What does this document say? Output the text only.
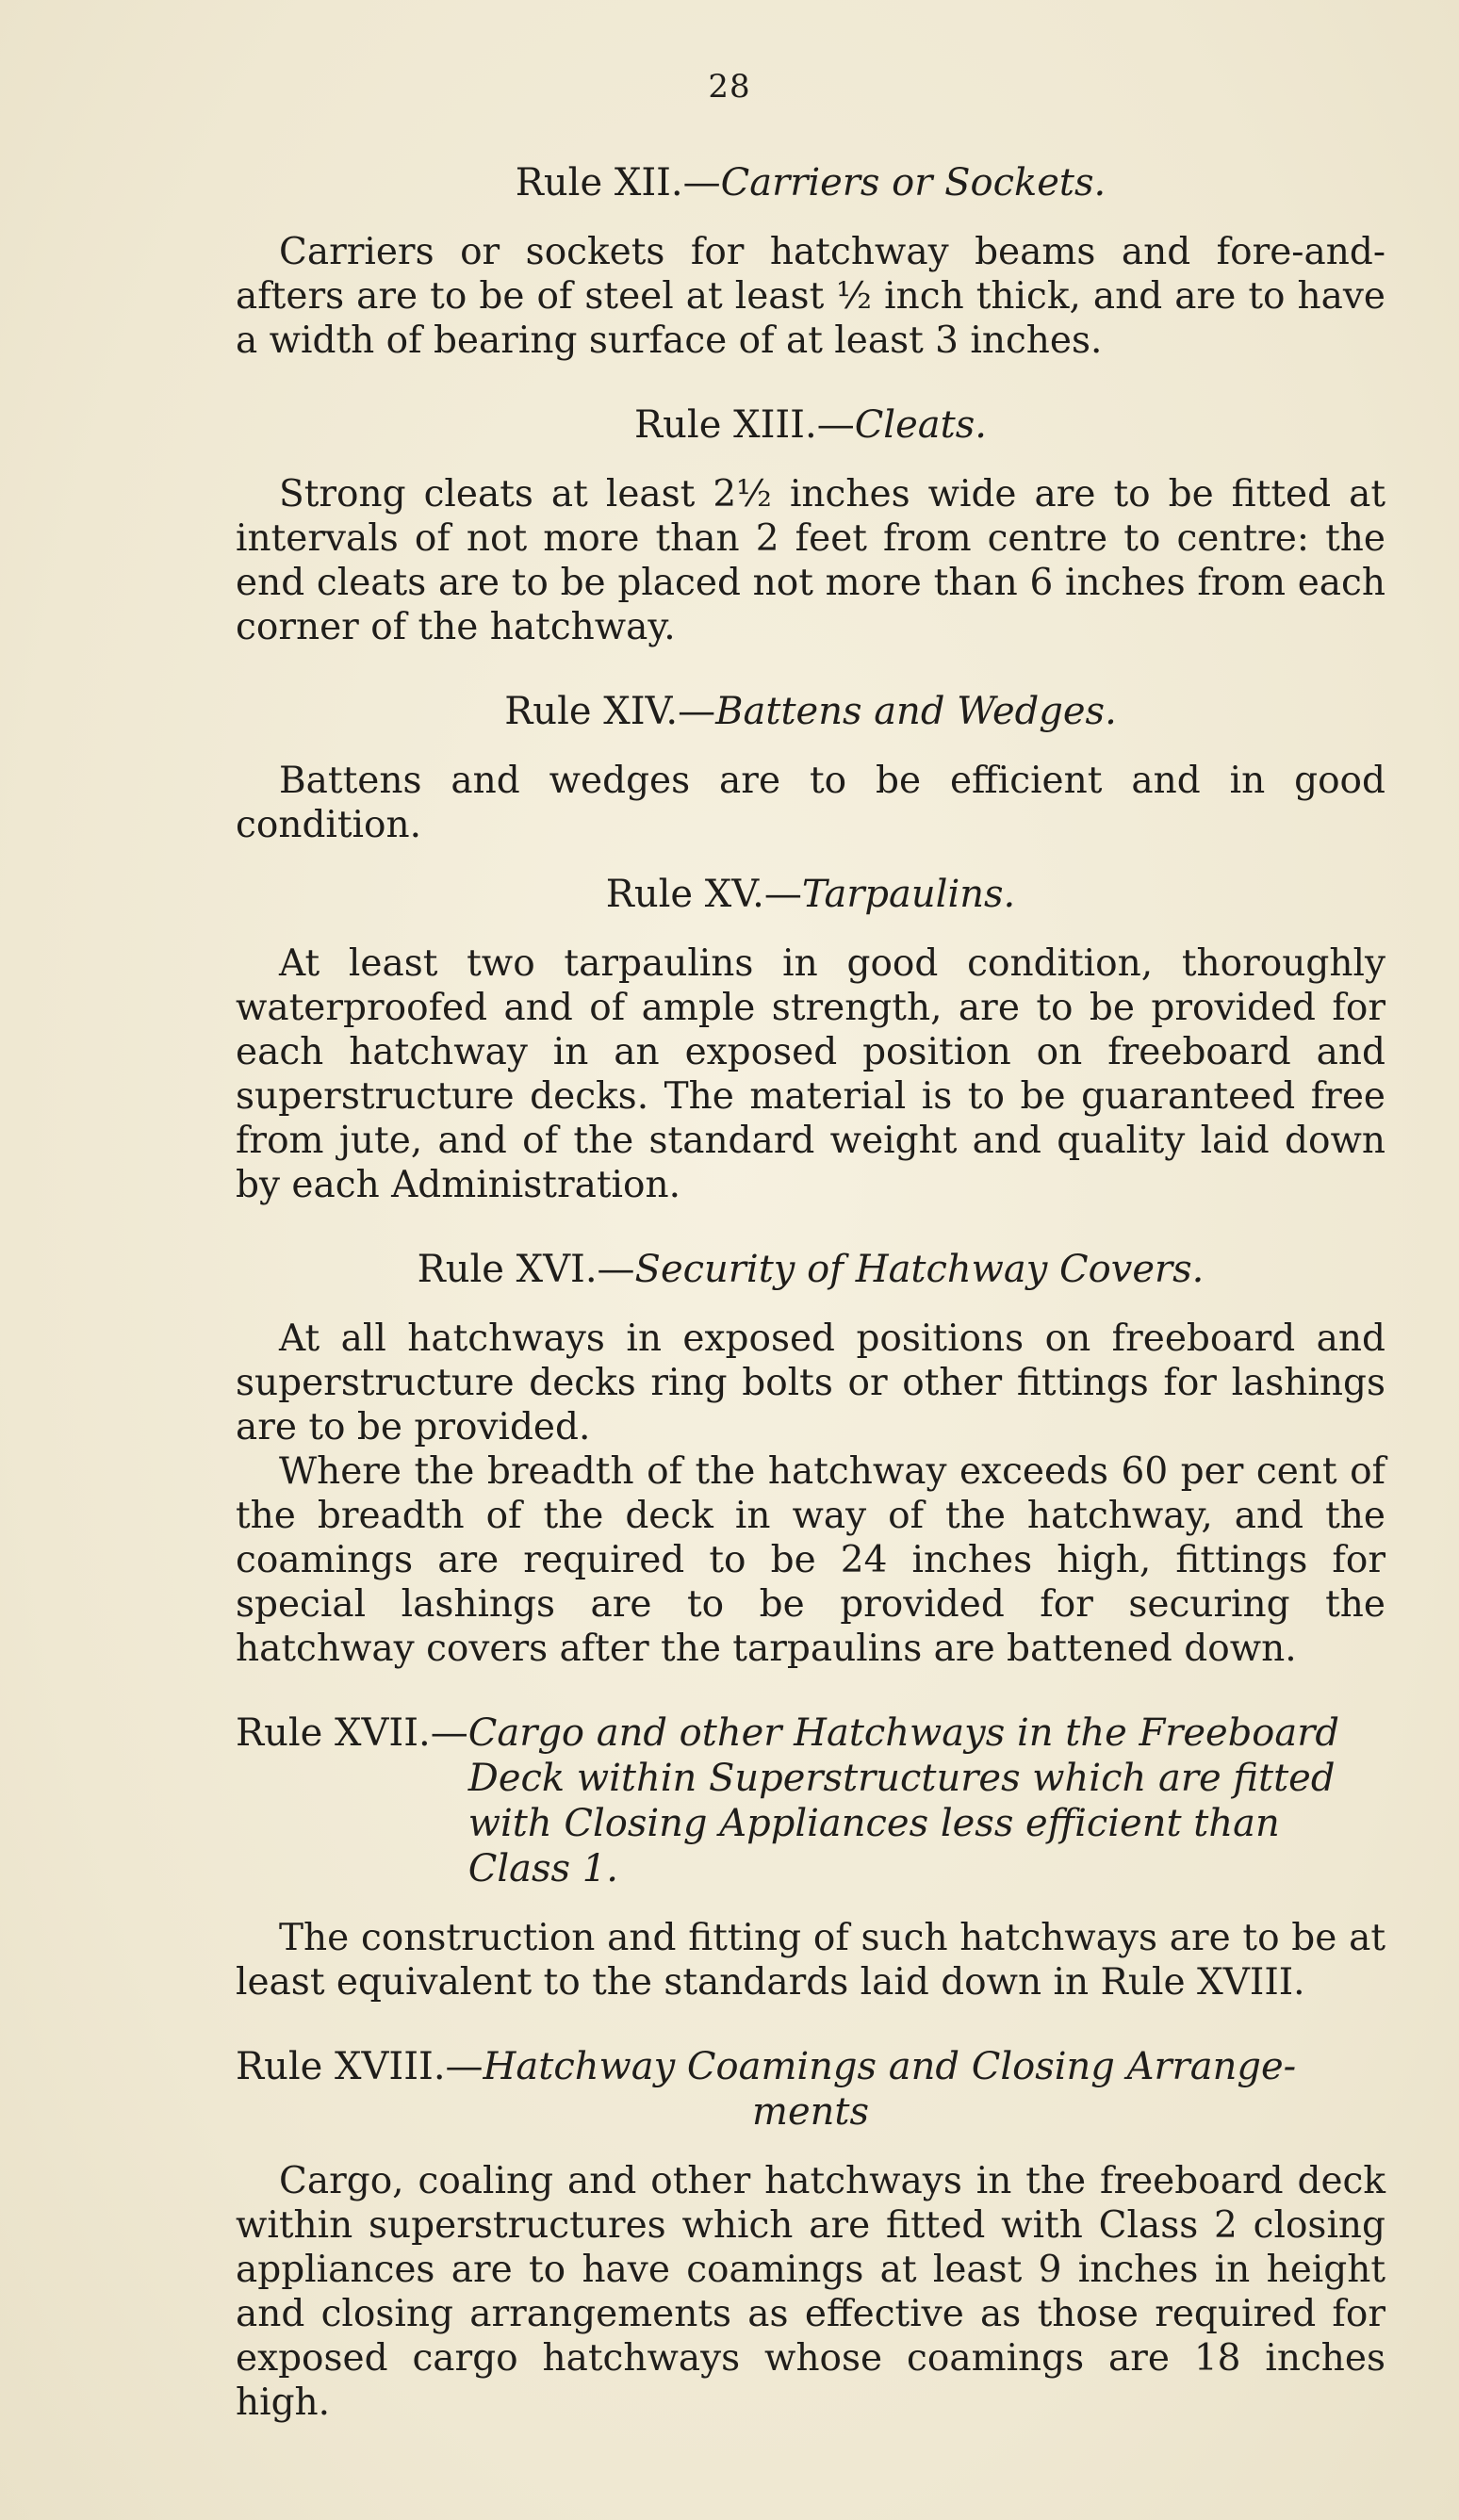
28
Rule XII.—Carriers or Sockets.

Carriers or sockets for hatchway beams and fore-and-afters are to be of steel at least ½ inch thick, and are to have a width of bearing surface of at least 3 inches.

Rule XIII.—Cleats.

Strong cleats at least 2½ inches wide are to be fitted at intervals of not more than 2 feet from centre to centre: the end cleats are to be placed not more than 6 inches from each corner of the hatchway.

Rule XIV.—Battens and Wedges.

Battens and wedges are to be efficient and in good condition.

Rule XV.—Tarpaulins.

At least two tarpaulins in good condition, thoroughly waterproofed and of ample strength, are to be provided for each hatchway in an exposed position on freeboard and superstructure decks. The material is to be guaranteed free from jute, and of the standard weight and quality laid down by each Administration.

Rule XVI.—Security of Hatchway Covers.

At all hatchways in exposed positions on freeboard and superstructure decks ring bolts or other fittings for lashings are to be provided.

Where the breadth of the hatchway exceeds 60 per cent of the breadth of the deck in way of the hatchway, and the coamings are required to be 24 inches high, fittings for special lashings are to be provided for securing the hatchway covers after the tarpaulins are battened down.

Rule XVII.— Cargo and other Hatchways in the Freeboard
Deck within Superstructures which are fitted
with Closing Appliances less efficient than
Class 1.

The construction and fitting of such hatchways are to be at least equivalent to the standards laid down in Rule XVIII.

Rule XVIII.—Hatchway Coamings and Closing Arrange-
ments

Cargo, coaling and other hatchways in the freeboard deck within superstructures which are fitted with Class 2 closing appliances are to have coamings at least 9 inches in height and closing arrangements as effective as those required for exposed cargo hatchways whose coamings are 18 inches high.
